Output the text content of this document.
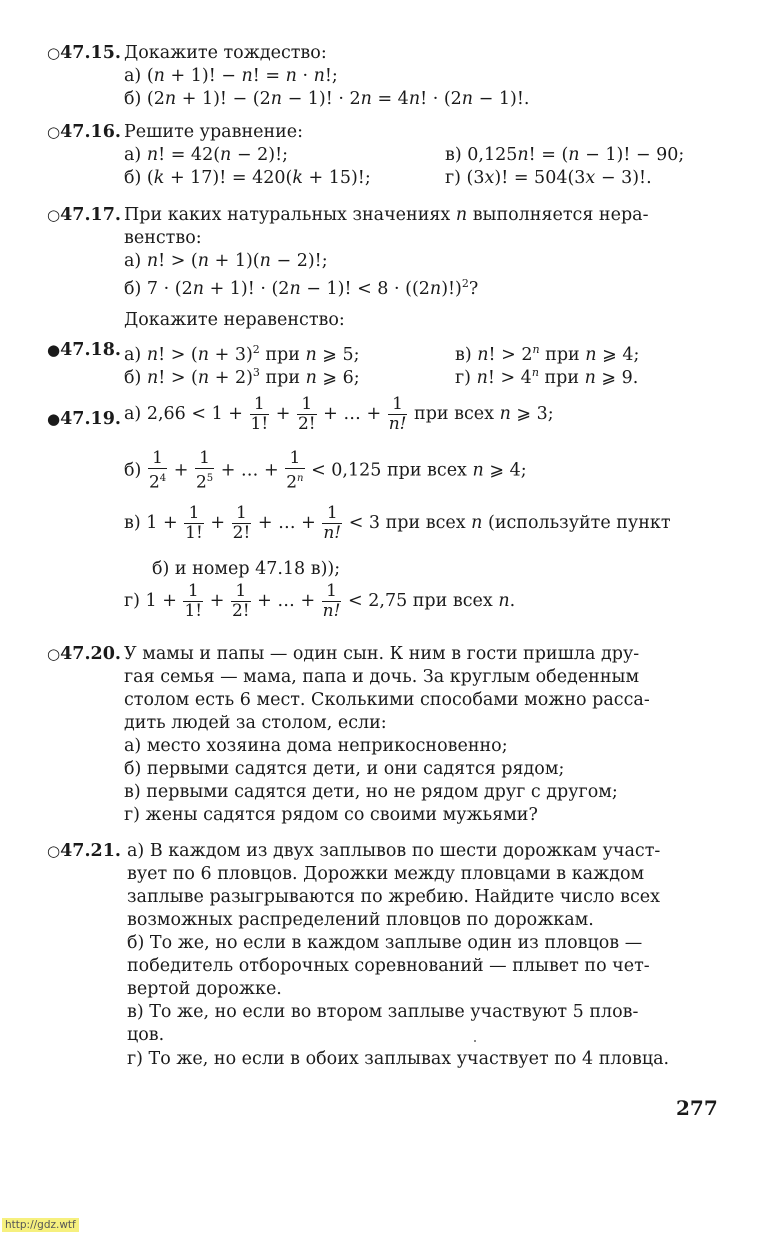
○47.15. Докажите тождество:
а) (n + 1)! − n! = n · n!;
б) (2n + 1)! − (2n − 1)! · 2n = 4n! · (2n − 1)!.
○47.16. Решите уравнение:
а) n! = 42(n − 2)!;	в) 0,125n! = (n − 1)! − 90;
б) (k + 17)! = 420(k + 15)!;	г) (3x)! = 504(3x − 3)!.
○47.17. При каких натуральных значениях n выполняется нера-
венство:
а) n! > (n + 1)(n − 2)!;
б) 7 · (2n + 1)! · (2n − 1)! < $8 \cdot ((2n)!)^2$?
Докажите неравенство:
●47.18. а) n! > $(n + 3)^2$ при n ⩾ 5;	в) n! > $2^n$ при n ⩾ 4;
б) n! > $(n + 2)^3$ при n ⩾ 6;	г) n! > $4^n$ при n ⩾ 9.
●47.19. а) $2,66 < 1 + \frac{1}{1!} + \frac{1}{2!}$ + … + $\frac{1}{n!}$ при всех n ⩾ 3;
$б) \frac{1}{2^4} + \frac{1}{2^5}$ + … + $\frac{1}{2^n} < 0,125$ при всех n ⩾ 4;
в) $1 + \frac{1}{1!} + \frac{1}{2!}$ + … + $\frac{1}{n!} < 3$ при всех n (используйте пункт
б) и номер 47.18 в));
г) $1 + \frac{1}{1!} + \frac{1}{2!}$ + … + $\frac{1}{n!} < 2,75$ при всех n.
○47.20. У мамы и папы — один сын. К ним в гости пришла дру-
гая семья — мама, папа и дочь. За круглым обеденным
столом есть 6 мест. Сколькими способами можно расса-
дить людей за столом, если:
а) место хозяина дома неприкосновенно;
б) первыми садятся дети, и они садятся рядом;
в) первыми садятся дети, но не рядом друг с другом;
г) жены садятся рядом со своими мужьями?
○47.21. а) В каждом из двух заплывов по шести дорожкам участ-
вует по 6 пловцов. Дорожки между пловцами в каждом
заплыве разыгрываются по жребию. Найдите число всех
возможных распределений пловцов по дорожкам.
б) То же, но если в каждом заплыве один из пловцов —
победитель отборочных соревнований — плывет по чет-
вертой дорожке.
в) То же, но если во втором заплыве участвуют 5 плов-
цов.
г) То же, но если в обоих заплывах участвует по 4 пловца.
277
http://gdz.wtf
